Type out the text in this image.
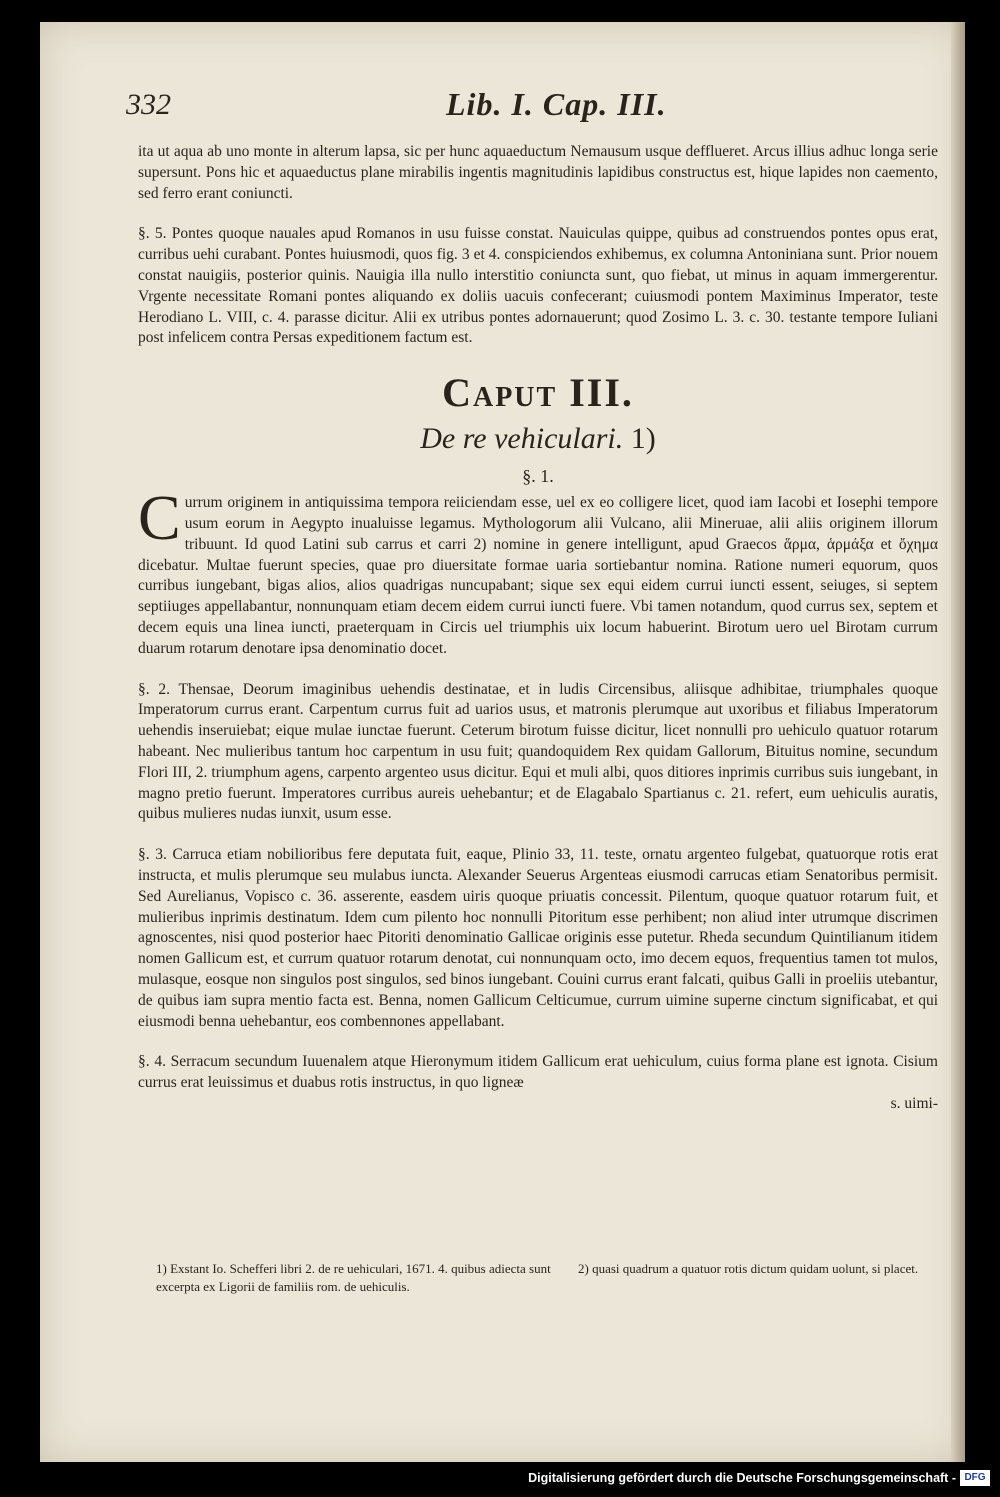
332	Lib. I. Cap. III.

ita ut aqua ab uno monte in alterum lapsa, sic per hunc aquaeductum Nemausum usque defflueret. Arcus illius adhuc longa serie supersunt. Pons hic et aquaeductus plane mirabilis ingentis magnitudinis lapidibus constructus est, hique lapides non caemento, sed ferro erant coniuncti.

§. 5. Pontes quoque nauales apud Romanos in usu fuisse constat. Nauiculas quippe, quibus ad construendos pontes opus erat, curribus uehi curabant. Pontes huiusmodi, quos fig. 3 et 4. conspiciendos exhibemus, ex columna Antoniniana sunt. Prior nouem constat nauigiis, posterior quinis. Nauigia illa nullo interstitio coniuncta sunt, quo fiebat, ut minus in aquam immergerentur. Vrgente necessitate Romani pontes aliquando ex doliis uacuis confecerant; cuiusmodi pontem Maximinus Imperator, teste Herodiano L. VIII, c. 4. parasse dicitur. Alii ex utribus pontes adornauerunt; quod Zosimo L. 3. c. 30. testante tempore Iuliani post infelicem contra Persas expeditionem factum est.

Caput III.
De re vehiculari. 1)
§. 1.

Currum originem in antiquissima tempora reiiciendam esse, uel ex eo colligere licet, quod iam Iacobi et Iosephi tempore usum eorum in Aegypto inualuisse legamus. Mythologorum alii Vulcano, alii Mineruae, alii aliis originem illorum tribuunt. Id quod Latini sub carrus et carri 2) nomine in genere intelligunt, apud Graecos ἅρμα, ἁρμάξα et ὄχημα dicebatur. Multae fuerunt species, quae pro diuersitate formae uaria sortiebantur nomina. Ratione numeri equorum, quos curribus iungebant, bigas alios, alios quadrigas nuncupabant; sique sex equi eidem currui iuncti essent, seiuges, si septem septiiuges appellabantur, nonnunquam etiam decem eidem currui iuncti fuere. Vbi tamen notandum, quod currus sex, septem et decem equis una linea iuncti, praeterquam in Circis uel triumphis uix locum habuerint. Birotum uero uel Birotam currum duarum rotarum denotare ipsa denominatio docet.

§. 2. Thensae, Deorum imaginibus uehendis destinatae, et in ludis Circensibus, aliisque adhibitae, triumphales quoque Imperatorum currus erant. Carpentum currus fuit ad uarios usus, et matronis plerumque aut uxoribus et filiabus Imperatorum uehendis inseruiebat; eique mulae iunctae fuerunt. Ceterum birotum fuisse dicitur, licet nonnulli pro uehiculo quatuor rotarum habeant. Nec mulieribus tantum hoc carpentum in usu fuit; quandoquidem Rex quidam Gallorum, Bituitus nomine, secundum Flori III, 2. triumphum agens, carpento argenteo usus dicitur. Equi et muli albi, quos ditiores inprimis curribus suis iungebant, in magno pretio fuerunt. Imperatores curribus aureis uehebantur; et de Elagabalo Spartianus c. 21. refert, eum uehiculis auratis, quibus mulieres nudas iunxit, usum esse.

§. 3. Carruca etiam nobilioribus fere deputata fuit, eaque, Plinio 33, 11. teste, ornatu argenteo fulgebat, quatuorque rotis erat instructa, et mulis plerumque seu mulabus iuncta. Alexander Seuerus Argenteas eiusmodi carrucas etiam Senatoribus permisit. Sed Aurelianus, Vopisco c. 36. asserente, easdem uiris quoque priuatis concessit. Pilentum, quoque quatuor rotarum fuit, et mulieribus inprimis destinatum. Idem cum pilento hoc nonnulli Pitoritum esse perhibent; non aliud inter utrumque discrimen agnoscentes, nisi quod posterior haec Pitoriti denominatio Gallicae originis esse putetur. Rheda secundum Quintilianum itidem nomen Gallicum est, et currum quatuor rotarum denotat, cui nonnunquam octo, imo decem equos, frequentius tamen tot mulos, mulasque, eosque non singulos post singulos, sed binos iungebant. Couini currus erant falcati, quibus Galli in proeliis utebantur, de quibus iam supra mentio facta est. Benna, nomen Gallicum Celticumue, currum uimine superne cinctum significabat, et qui eiusmodi benna uehebantur, eos combennones appellabant.

§. 4. Serracum secundum Iuuenalem atque Hieronymum itidem Gallicum erat uehiculum, cuius forma plane est ignota. Cisium currus erat leuissimus et duabus rotis instructus, in quo ligneæ

s. uimi-
1) Exstant Io. Schefferi libri 2. de re uehiculari, 1671. 4. quibus adiecta sunt excerpta ex Ligorii de familiis rom. de uehiculis.
2) quasi quadrum a quatuor rotis dictum quidam uolunt, si placet.
Digitalisierung gefördert durch die Deutsche Forschungsgemeinschaft - DFG
